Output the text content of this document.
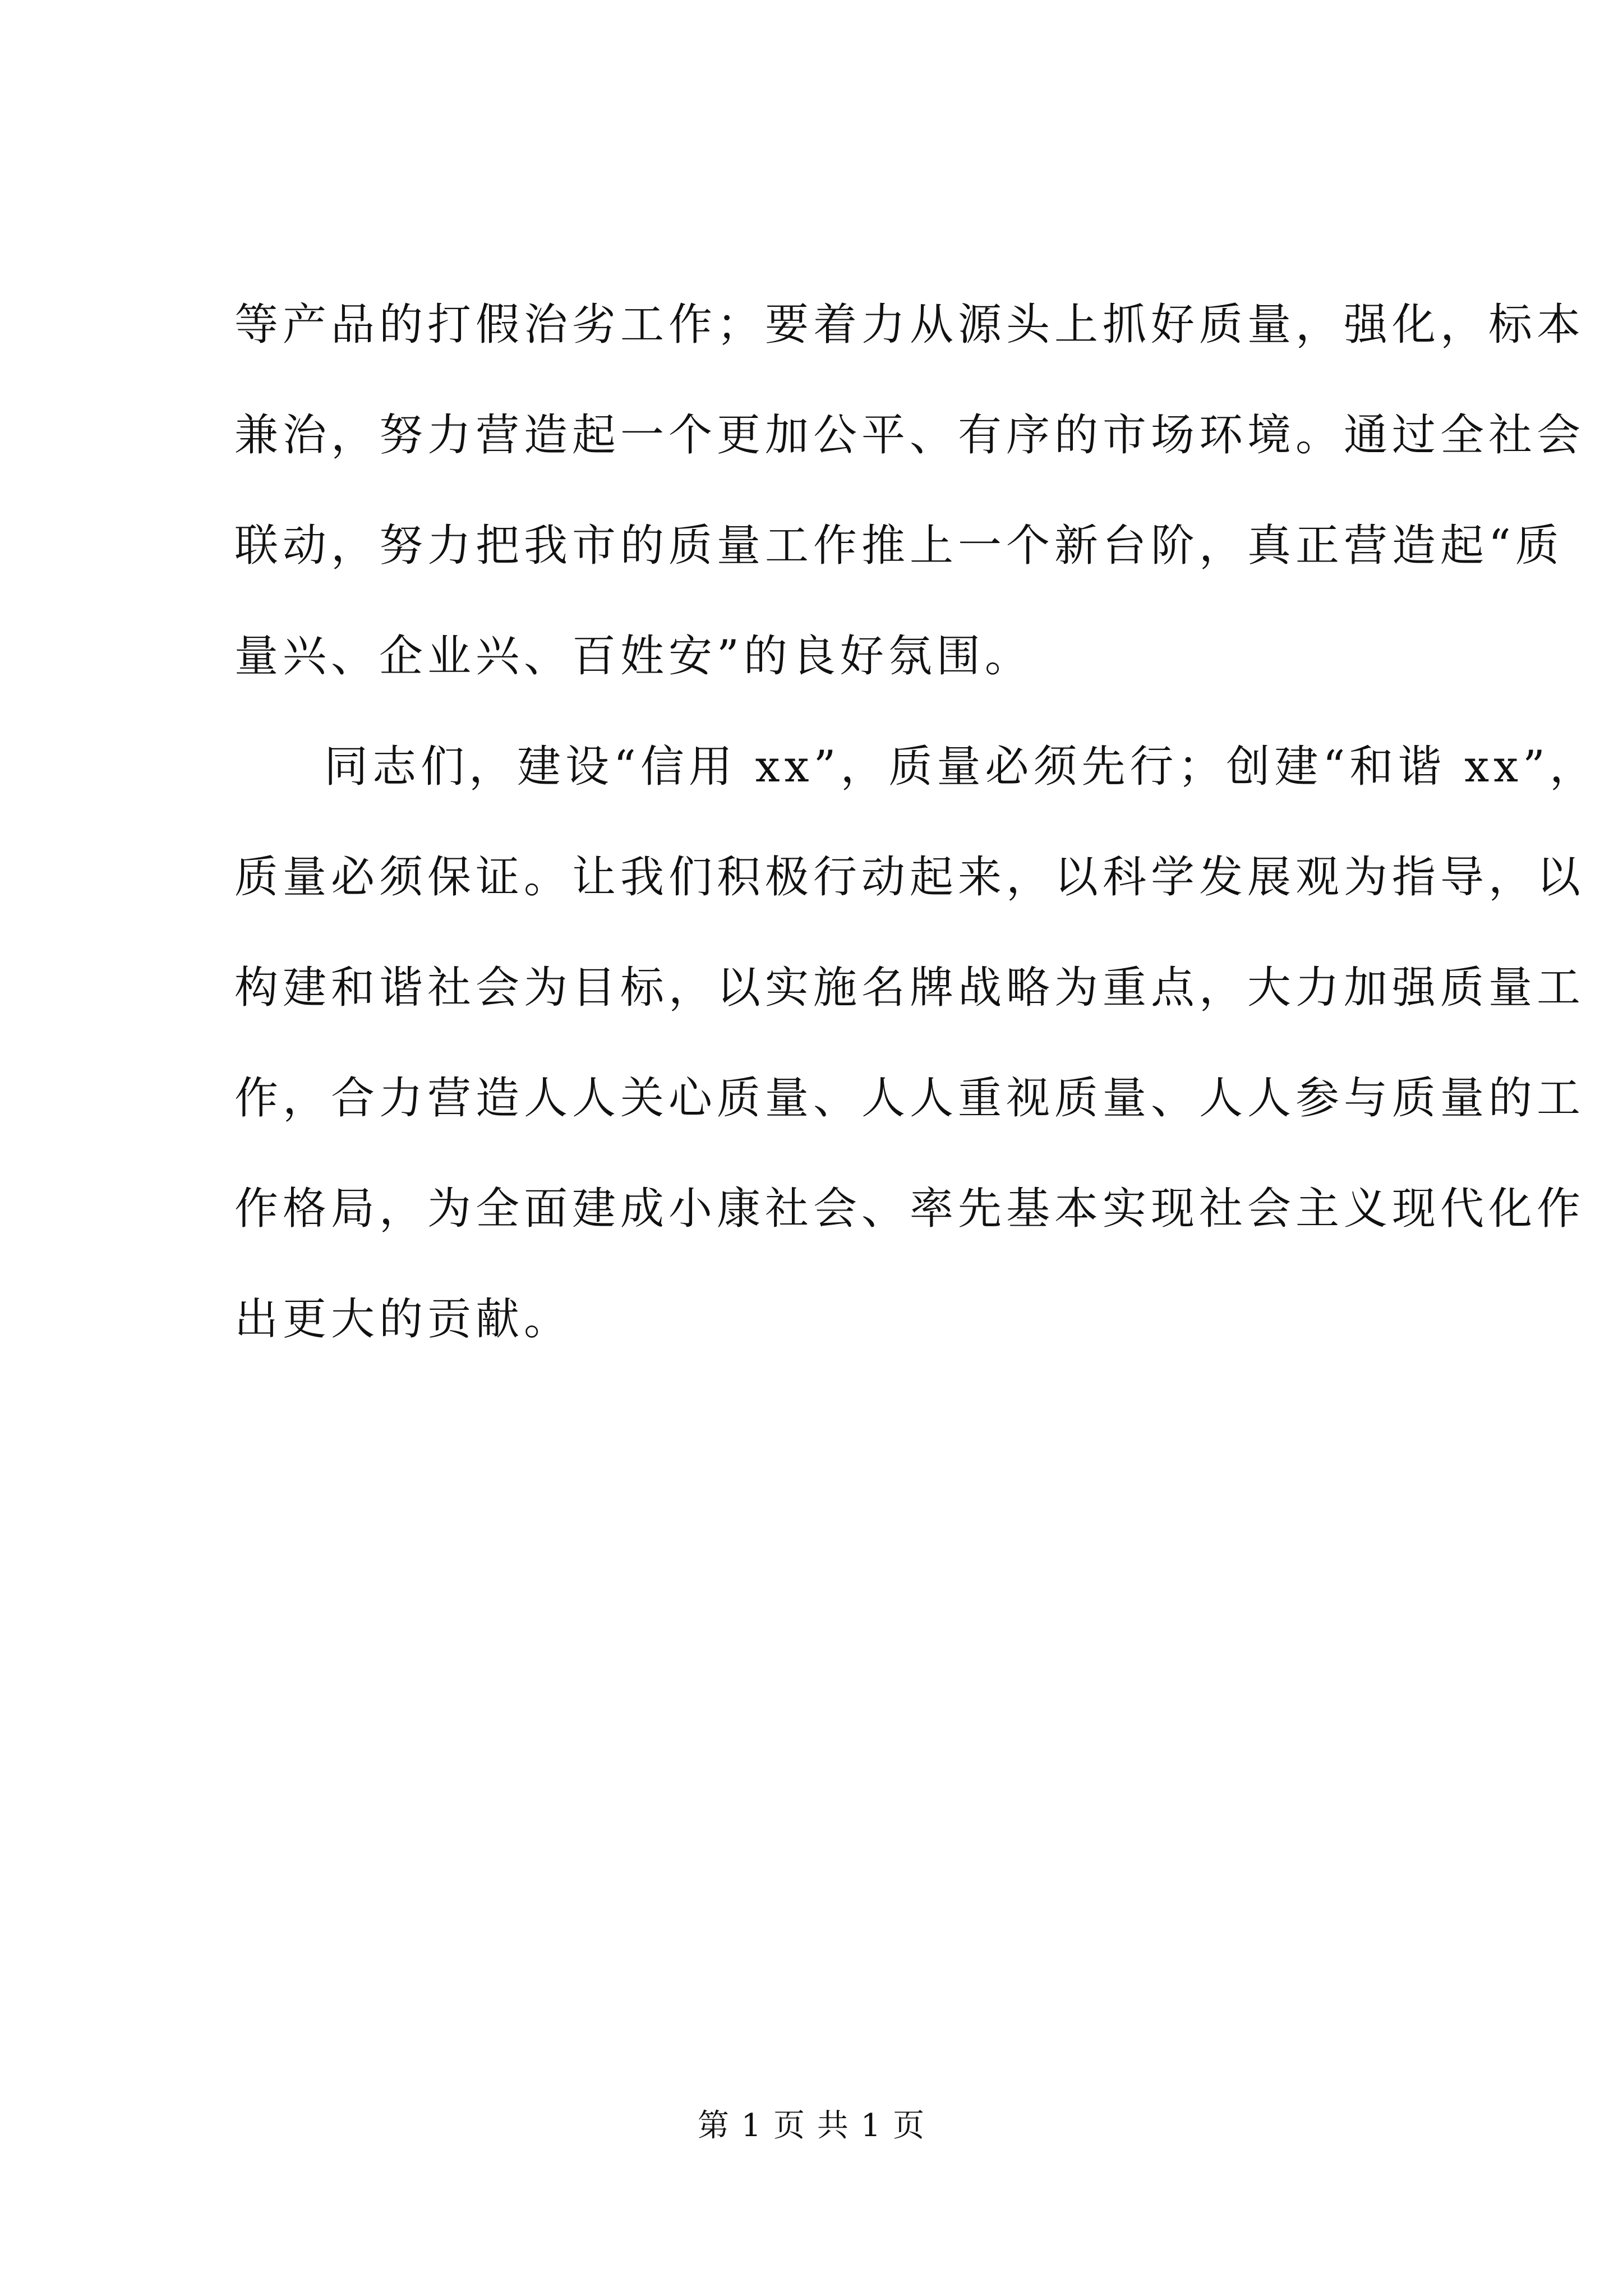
等产品的打假治劣工作；要着力从源头上抓好质量，强化，标本
兼治，努力营造起一个更加公平、有序的市场环境。通过全社会
联动，努力把我市的质量工作推上一个新台阶，真正营造起“质
量兴、企业兴、百姓安”的良好氛围。
同志们，建设“信用 xx”，质量必须先行；创建“和谐 xx”，
质量必须保证。让我们积极行动起来，以科学发展观为指导，以
构建和谐社会为目标，以实施名牌战略为重点，大力加强质量工
作，合力营造人人关心质量、人人重视质量、人人参与质量的工
作格局，为全面建成小康社会、率先基本实现社会主义现代化作
出更大的贡献。
第 1 页 共 1 页
